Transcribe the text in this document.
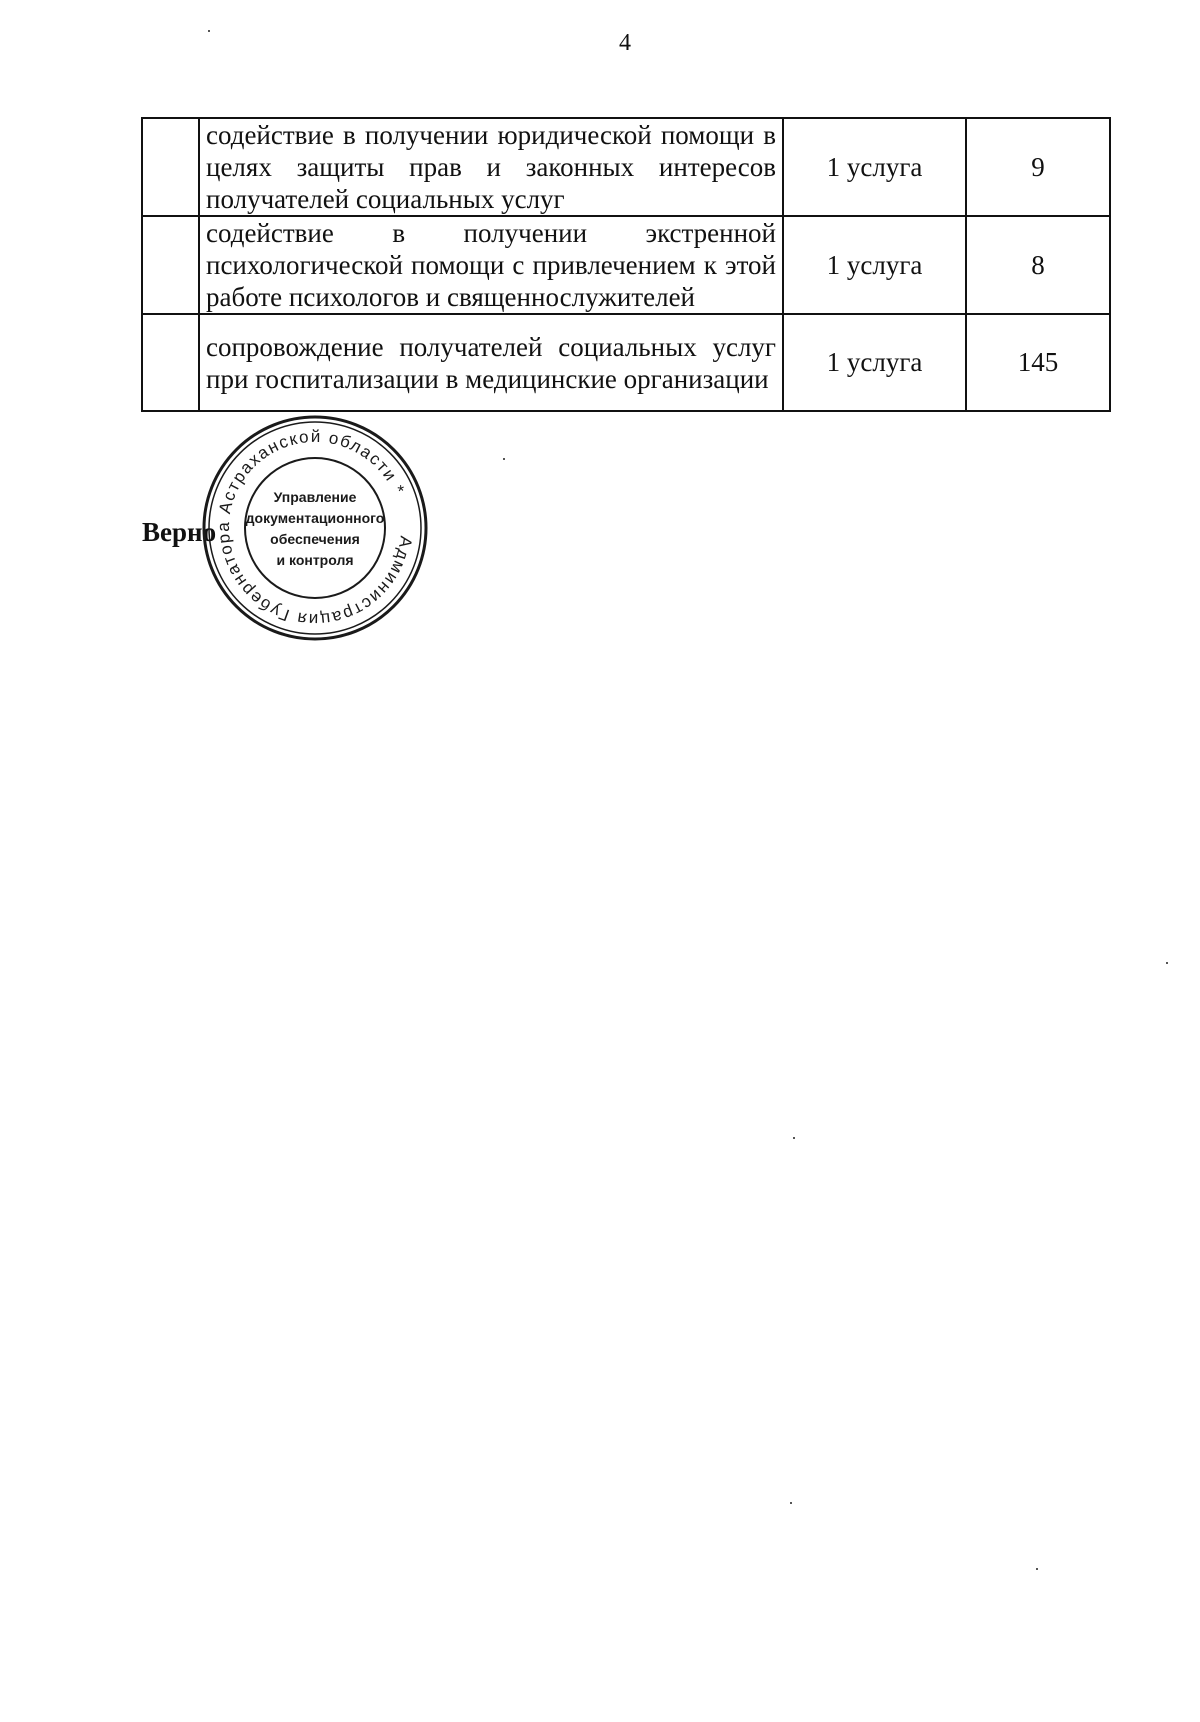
4
	содействие в получении юридической помощи в целях защиты прав и законных интересов получателей социальных услуг	1 услуга	9
	содействие в получении экстренной психологической помощи с привлечением к этой работе психологов и священнослужителей	1 услуга	8
	сопровождение получателей социальных услуг при госпитализации в медицинские организации	1 услуга	145
Верно	Администрация Губернатора Астраханской области *
Управление
документационного
обеспечения
и контроля
